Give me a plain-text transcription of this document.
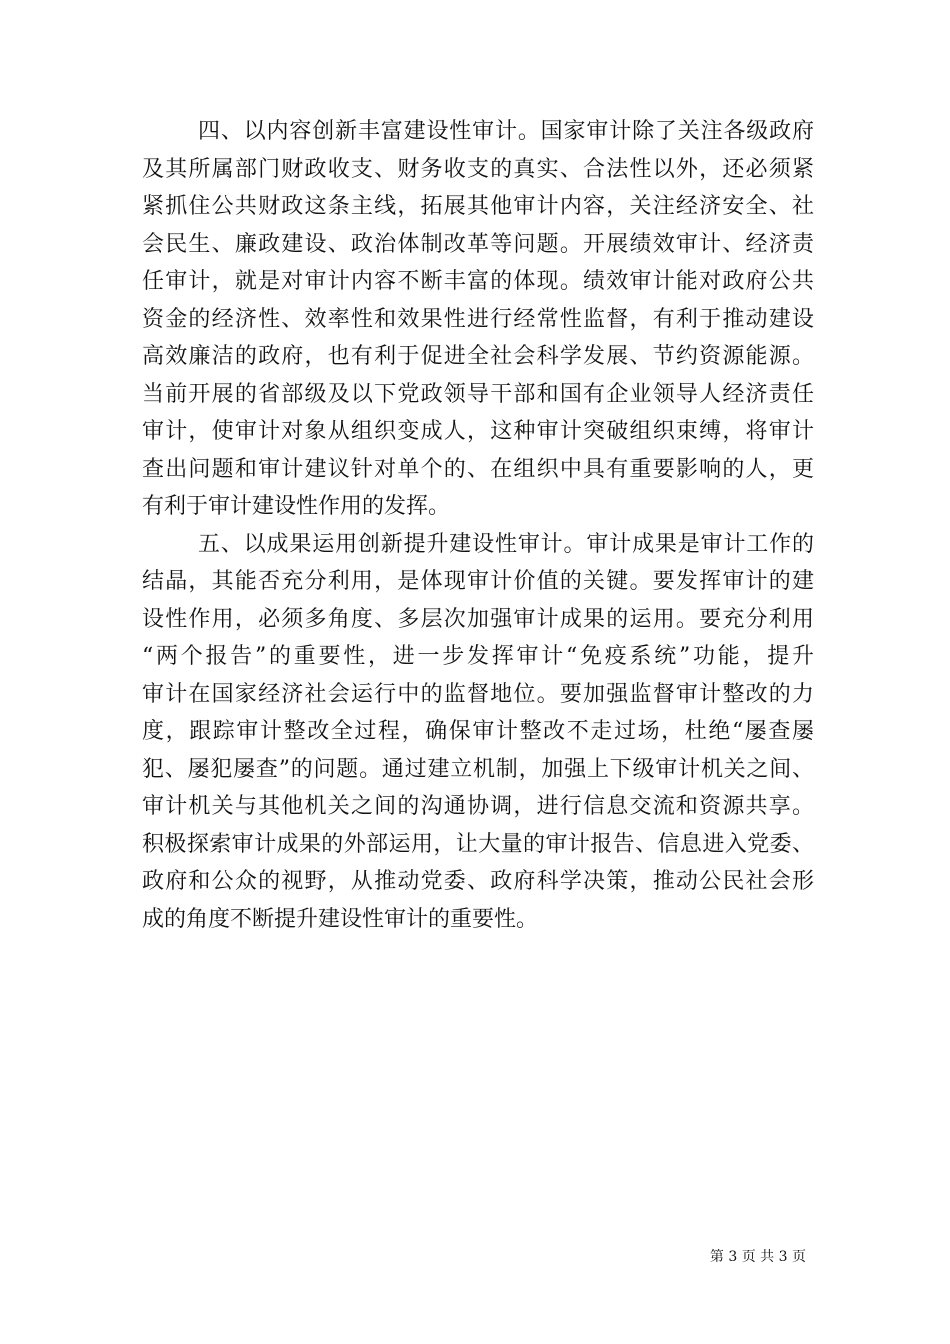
四、以内容创新丰富建设性审计。国家审计除了关注各级政府
及其所属部门财政收支、财务收支的真实、合法性以外，还必须紧
紧抓住公共财政这条主线，拓展其他审计内容，关注经济安全、社
会民生、廉政建设、政治体制改革等问题。开展绩效审计、经济责
任审计，就是对审计内容不断丰富的体现。绩效审计能对政府公共
资金的经济性、效率性和效果性进行经常性监督，有利于推动建设
高效廉洁的政府，也有利于促进全社会科学发展、节约资源能源。
当前开展的省部级及以下党政领导干部和国有企业领导人经济责任
审计，使审计对象从组织变成人，这种审计突破组织束缚，将审计
查出问题和审计建议针对单个的、在组织中具有重要影响的人，更
有利于审计建设性作用的发挥。
五、以成果运用创新提升建设性审计。审计成果是审计工作的
结晶，其能否充分利用，是体现审计价值的关键。要发挥审计的建
设性作用，必须多角度、多层次加强审计成果的运用。要充分利用
“两个报告”的重要性，进一步发挥审计“免疫系统”功能，提升
审计在国家经济社会运行中的监督地位。要加强监督审计整改的力
度，跟踪审计整改全过程，确保审计整改不走过场，杜绝“屡查屡
犯、屡犯屡查”的问题。通过建立机制，加强上下级审计机关之间、
审计机关与其他机关之间的沟通协调，进行信息交流和资源共享。
积极探索审计成果的外部运用，让大量的审计报告、信息进入党委、
政府和公众的视野，从推动党委、政府科学决策，推动公民社会形
成的角度不断提升建设性审计的重要性。
第 3 页 共 3 页
